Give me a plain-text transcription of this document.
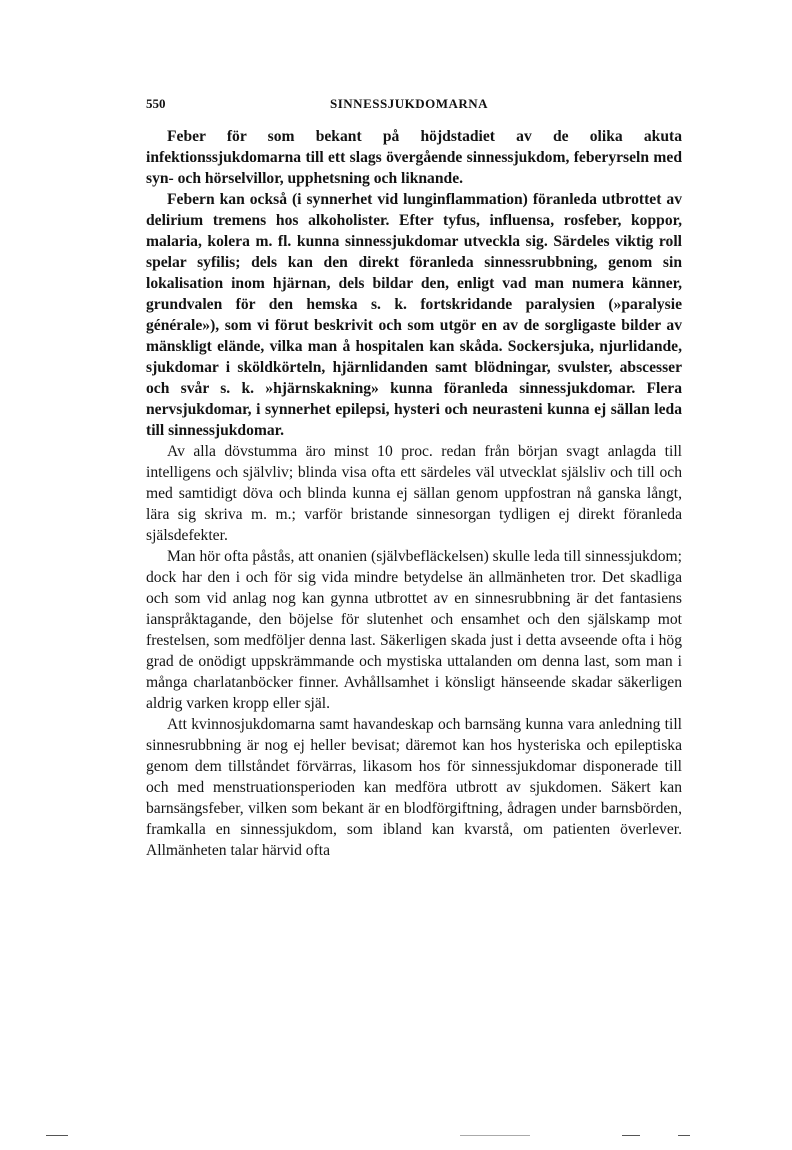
550	SINNESSJUKDOMARNA

Feber för som bekant på höjdstadiet av de olika akuta infektionssjukdomarna till ett slags övergående sinnessjukdom, feberyrseln med syn- och hörselvillor, upphetsning och liknande.

Febern kan också (i synnerhet vid lunginflammation) föranleda utbrottet av delirium tremens hos alkoholister. Efter tyfus, influensa, rosfeber, koppor, malaria, kolera m. fl. kunna sinnessjukdomar utveckla sig. Särdeles viktig roll spelar syfilis; dels kan den direkt föranleda sinnessrubbning, genom sin lokalisation inom hjärnan, dels bildar den, enligt vad man numera känner, grundvalen för den hemska s. k. fortskridande paralysien (»paralysie générale»), som vi förut beskrivit och som utgör en av de sorgligaste bilder av mänskligt elände, vilka man å hospitalen kan skåda. Sockersjuka, njurlidande, sjukdomar i sköldkörteln, hjärnlidanden samt blödningar, svulster, abscesser och svår s. k. »hjärnskakning» kunna föranleda sinnessjukdomar. Flera nervsjukdomar, i synnerhet epilepsi, hysteri och neurasteni kunna ej sällan leda till sinnessjukdomar.

Av alla dövstumma äro minst 10 proc. redan från början svagt anlagda till intelligens och självliv; blinda visa ofta ett särdeles väl utvecklat själsliv och till och med samtidigt döva och blinda kunna ej sällan genom uppfostran nå ganska långt, lära sig skriva m. m.; varför bristande sinnesorgan tydligen ej direkt föranleda själsdefekter.

Man hör ofta påstås, att onanien (självbefläckelsen) skulle leda till sinnessjukdom; dock har den i och för sig vida mindre betydelse än allmänheten tror. Det skadliga och som vid anlag nog kan gynna utbrottet av en sinnesrubbning är det fantasiens ianspråktagande, den böjelse för slutenhet och ensamhet och den själskamp mot frestelsen, som medföljer denna last. Säkerligen skada just i detta avseende ofta i hög grad de onödigt uppskrämmande och mystiska uttalanden om denna last, som man i många charlatanböcker finner. Avhållsamhet i könsligt hänseende skadar säkerligen aldrig varken kropp eller själ.

Att kvinnosjukdomarna samt havandeskap och barnsäng kunna vara anledning till sinnesrubbning är nog ej heller bevisat; däremot kan hos hysteriska och epileptiska genom dem tillståndet förvärras, likasom hos för sinnessjukdomar disponerade till och med menstruationsperioden kan medföra utbrott av sjukdomen. Säkert kan barnsängsfeber, vilken som bekant är en blodförgiftning, ådragen under barnsbörden, framkalla en sinnessjukdom, som ibland kan kvarstå, om patienten överlever. Allmänheten talar härvid ofta
